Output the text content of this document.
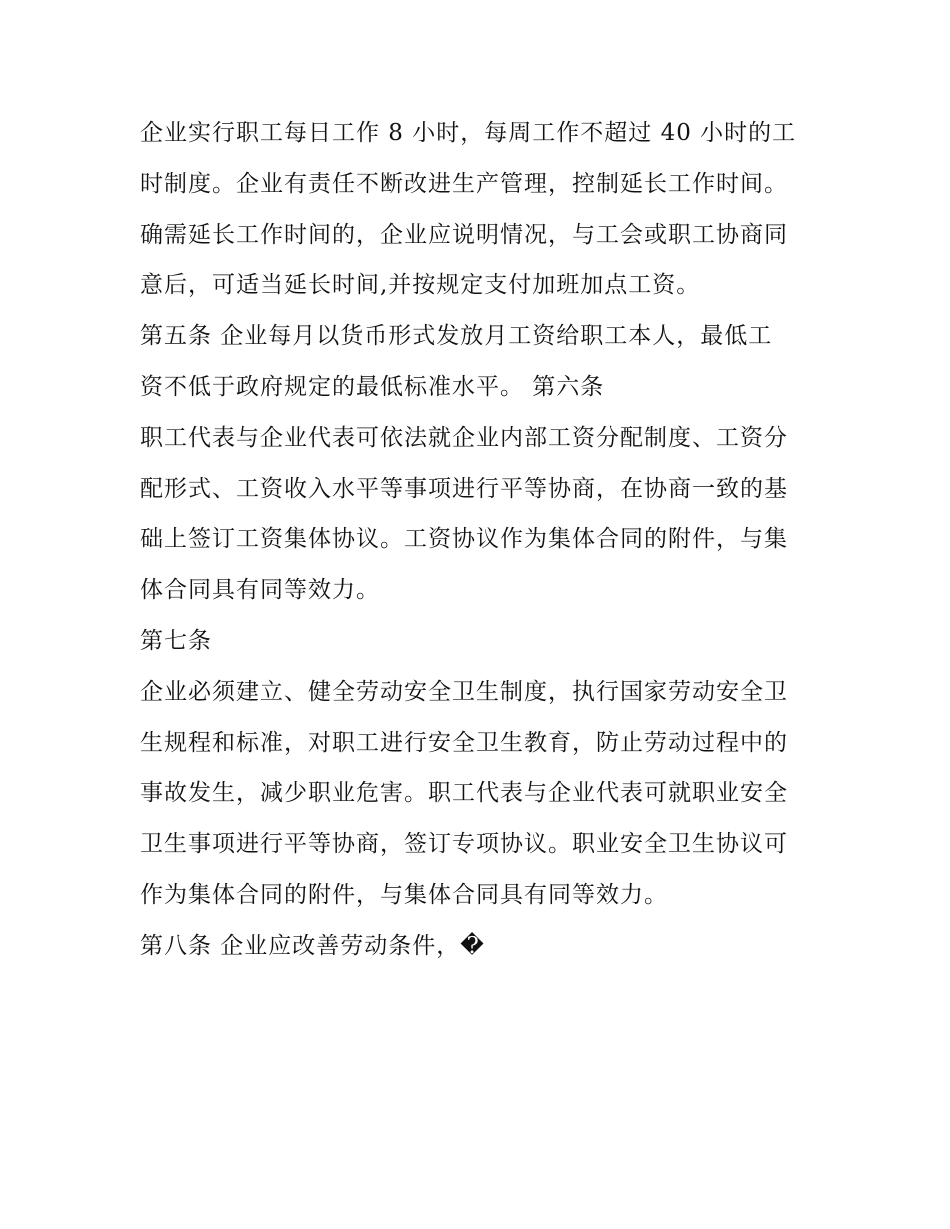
企业实行职工每日工作 8 小时，每周工作不超过 40 小时的工
时制度。企业有责任不断改进生产管理，控制延长工作时间。
确需延长工作时间的，企业应说明情况，与工会或职工协商同
意后，可适当延长时间,并按规定支付加班加点工资。
第五条 企业每月以货币形式发放月工资给职工本人，最低工
资不低于政府规定的最低标准水平。 第六条
职工代表与企业代表可依法就企业内部工资分配制度、工资分
配形式、工资收入水平等事项进行平等协商，在协商一致的基
础上签订工资集体协议。工资协议作为集体合同的附件，与集
体合同具有同等效力。
第七条
企业必须建立、健全劳动安全卫生制度，执行国家劳动安全卫
生规程和标准，对职工进行安全卫生教育，防止劳动过程中的
事故发生，减少职业危害。职工代表与企业代表可就职业安全
卫生事项进行平等协商，签订专项协议。职业安全卫生协议可
作为集体合同的附件，与集体合同具有同等效力。
第八条 企业应改善劳动条件，�
